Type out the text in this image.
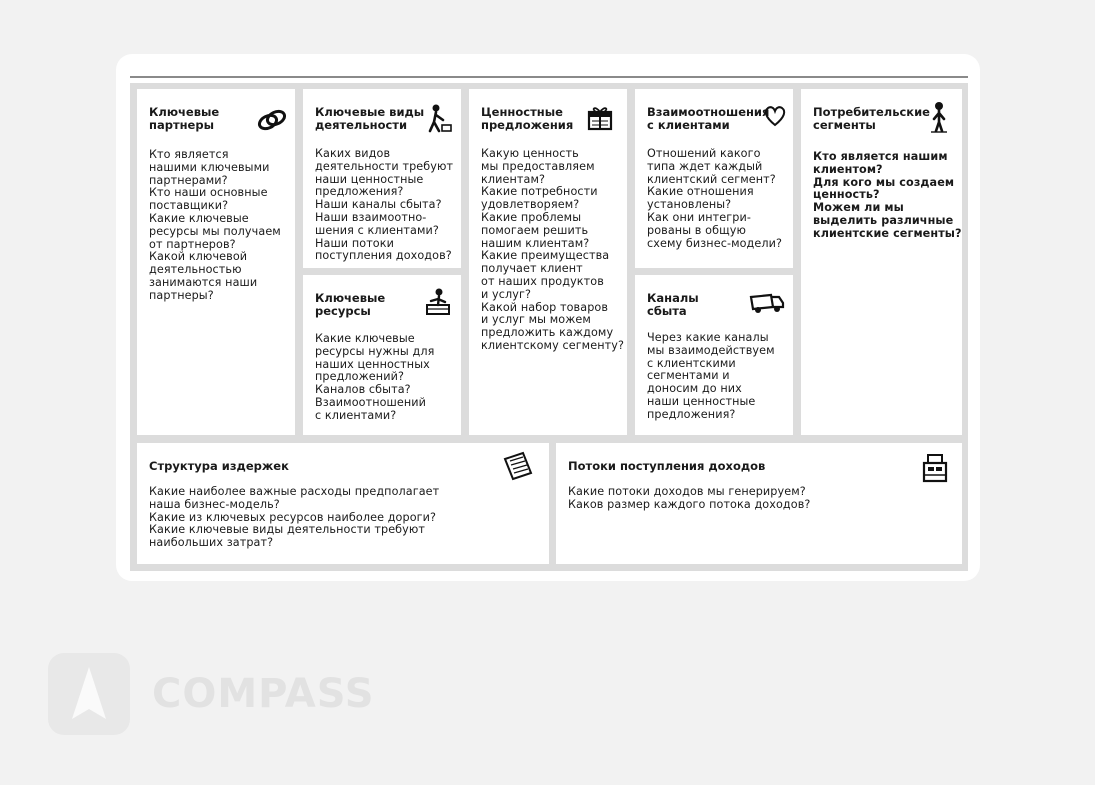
Ключевые
партнеры
Кто является
нашими ключевыми
партнерами?
Кто наши основные
поставщики?
Какие ключевые
ресурсы мы получаем
от партнеров?
Какой ключевой
деятельностью
занимаются наши
партнеры?
Ключевые виды
деятельности
Каких видов
деятельности требуют
наши ценностные
предложения?
Наши каналы сбыта?
Наши взаимоотно-
шения с клиентами?
Наши потоки
поступления доходов?
Ключевые
ресурсы
Какие ключевые
ресурсы нужны для
наших ценностных
предложений?
Каналов сбыта?
Взаимоотношений
с клиентами?
Ценностные
предложения
Какую ценность
мы предоставляем
клиентам?
Какие потребности
удовлетворяем?
Какие проблемы
помогаем решить
нашим клиентам?
Какие преимущества
получает клиент
от наших продуктов
и услуг?
Какой набор товаров
и услуг мы можем
предложить каждому
клиентскому сегменту?
Взаимоотношения
с клиентами
Отношений какого
типа ждет каждый
клиентский сегмент?
Какие отношения
установлены?
Как они интегри-
рованы в общую
схему бизнес-модели?
Каналы
сбыта
Через какие каналы
мы взаимодействуем
с клиентскими
сегментами и
доносим до них
наши ценностные
предложения?
Потребительские
сегменты
Кто является нашим
клиентом?
Для кого мы создаем
ценность?
Можем ли мы
выделить различные
клиентские сегменты?
Структура издержек
Какие наиболее важные расходы предполагает
наша бизнес-модель?
Какие из ключевых ресурсов наиболее дороги?
Какие ключевые виды деятельности требуют
наибольших затрат?
Потоки поступления доходов
Какие потоки доходов мы генерируем?
Каков размер каждого потока доходов?
COMPASS
